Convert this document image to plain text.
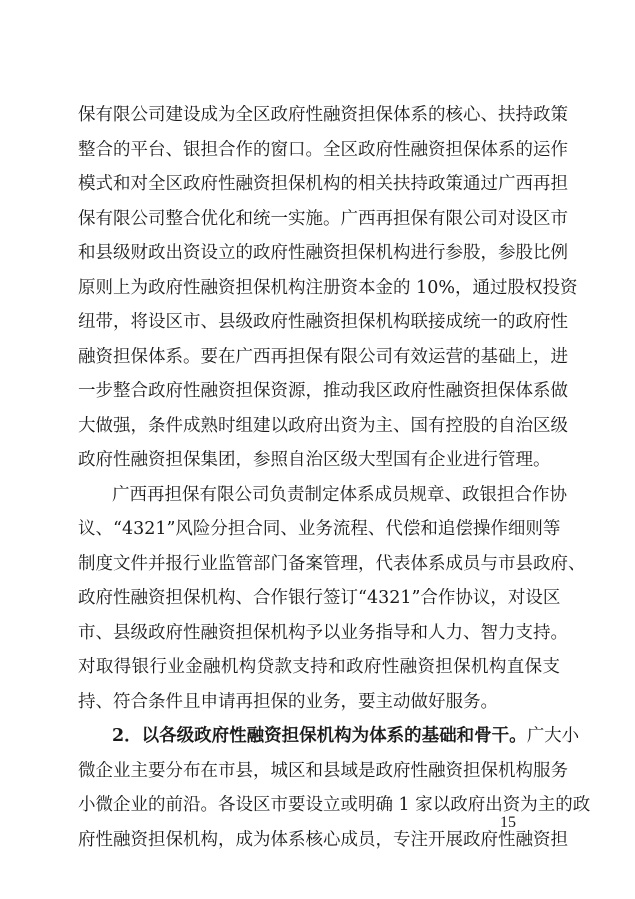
保有限公司建设成为全区政府性融资担保体系的核心、扶持政策
整合的平台、银担合作的窗口。全区政府性融资担保体系的运作
模式和对全区政府性融资担保机构的相关扶持政策通过广西再担
保有限公司整合优化和统一实施。广西再担保有限公司对设区市
和县级财政出资设立的政府性融资担保机构进行参股，参股比例
原则上为政府性融资担保机构注册资本金的 10%，通过股权投资
纽带，将设区市、县级政府性融资担保机构联接成统一的政府性
融资担保体系。要在广西再担保有限公司有效运营的基础上，进
一步整合政府性融资担保资源，推动我区政府性融资担保体系做
大做强，条件成熟时组建以政府出资为主、国有控股的自治区级
政府性融资担保集团，参照自治区级大型国有企业进行管理。
广西再担保有限公司负责制定体系成员规章、政银担合作协
议、“4321”风险分担合同、业务流程、代偿和追偿操作细则等
制度文件并报行业监管部门备案管理，代表体系成员与市县政府、
政府性融资担保机构、合作银行签订“4321”合作协议，对设区
市、县级政府性融资担保机构予以业务指导和人力、智力支持。
对取得银行业金融机构贷款支持和政府性融资担保机构直保支
持、符合条件且申请再担保的业务，要主动做好服务。
2．以各级政府性融资担保机构为体系的基础和骨干。广大小
微企业主要分布在市县，城区和县域是政府性融资担保机构服务
小微企业的前沿。各设区市要设立或明确 1 家以政府出资为主的政
府性融资担保机构，成为体系核心成员，专注开展政府性融资担
15
